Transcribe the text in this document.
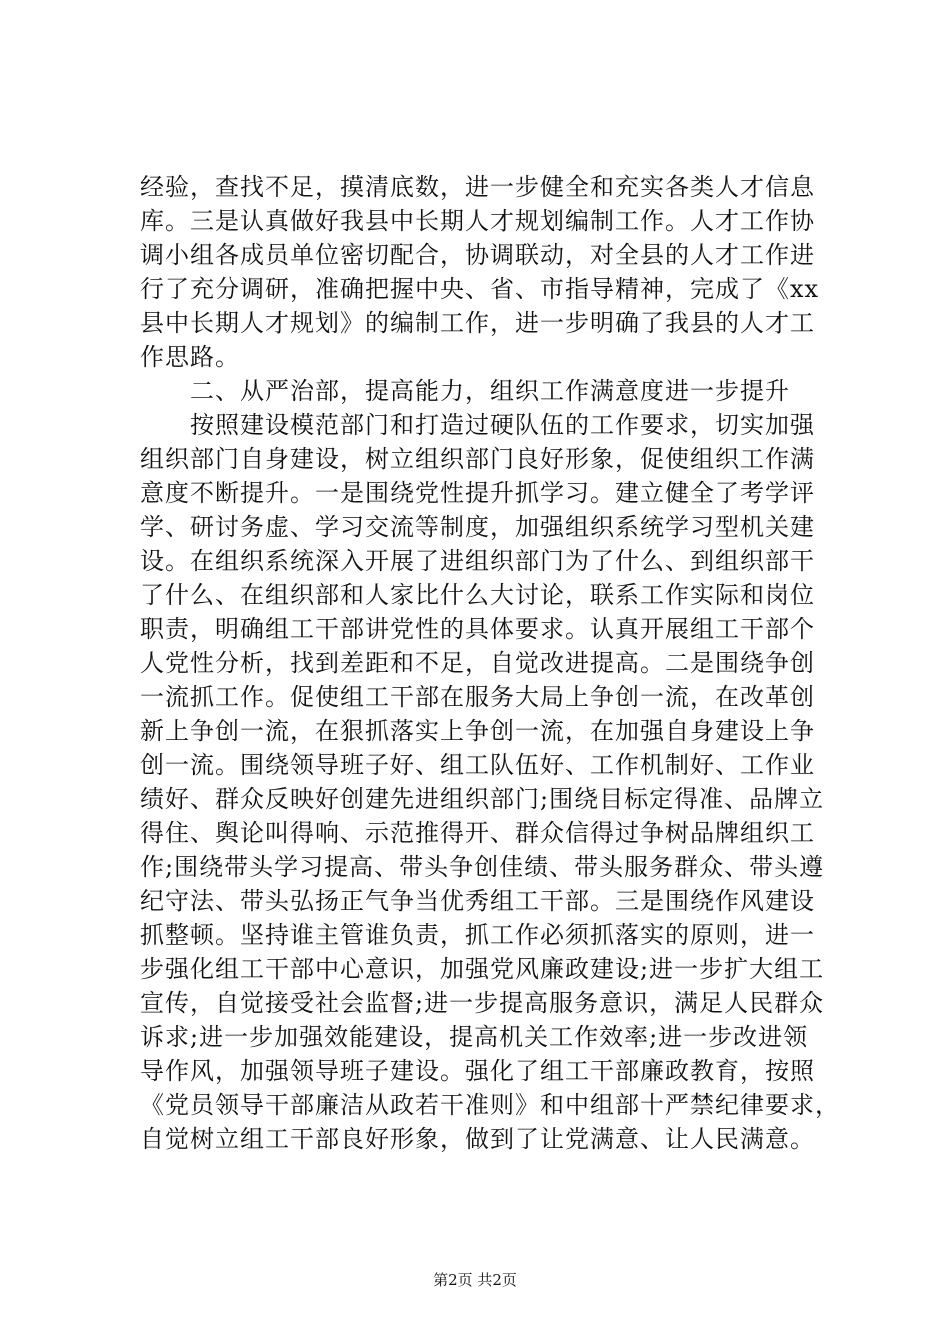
经验，查找不足，摸清底数，进一步健全和充实各类人才信息
库。三是认真做好我县中长期人才规划编制工作。人才工作协
调小组各成员单位密切配合，协调联动，对全县的人才工作进
行了充分调研，准确把握中央、省、市指导精神，完成了《xx
县中长期人才规划》的编制工作，进一步明确了我县的人才工
作思路。
　　二、从严治部，提高能力，组织工作满意度进一步提升
　　按照建设模范部门和打造过硬队伍的工作要求，切实加强
组织部门自身建设，树立组织部门良好形象，促使组织工作满
意度不断提升。一是围绕党性提升抓学习。建立健全了考学评
学、研讨务虚、学习交流等制度，加强组织系统学习型机关建
设。在组织系统深入开展了进组织部门为了什么、到组织部干
了什么、在组织部和人家比什么大讨论，联系工作实际和岗位
职责，明确组工干部讲党性的具体要求。认真开展组工干部个
人党性分析，找到差距和不足，自觉改进提高。二是围绕争创
一流抓工作。促使组工干部在服务大局上争创一流，在改革创
新上争创一流，在狠抓落实上争创一流，在加强自身建设上争
创一流。围绕领导班子好、组工队伍好、工作机制好、工作业
绩好、群众反映好创建先进组织部门;围绕目标定得准、品牌立
得住、舆论叫得响、示范推得开、群众信得过争树品牌组织工
作;围绕带头学习提高、带头争创佳绩、带头服务群众、带头遵
纪守法、带头弘扬正气争当优秀组工干部。三是围绕作风建设
抓整顿。坚持谁主管谁负责，抓工作必须抓落实的原则，进一
步强化组工干部中心意识，加强党风廉政建设;进一步扩大组工
宣传，自觉接受社会监督;进一步提高服务意识，满足人民群众
诉求;进一步加强效能建设，提高机关工作效率;进一步改进领
导作风，加强领导班子建设。强化了组工干部廉政教育，按照
《党员领导干部廉洁从政若干准则》和中组部十严禁纪律要求，
自觉树立组工干部良好形象，做到了让党满意、让人民满意。
第2页 共2页
